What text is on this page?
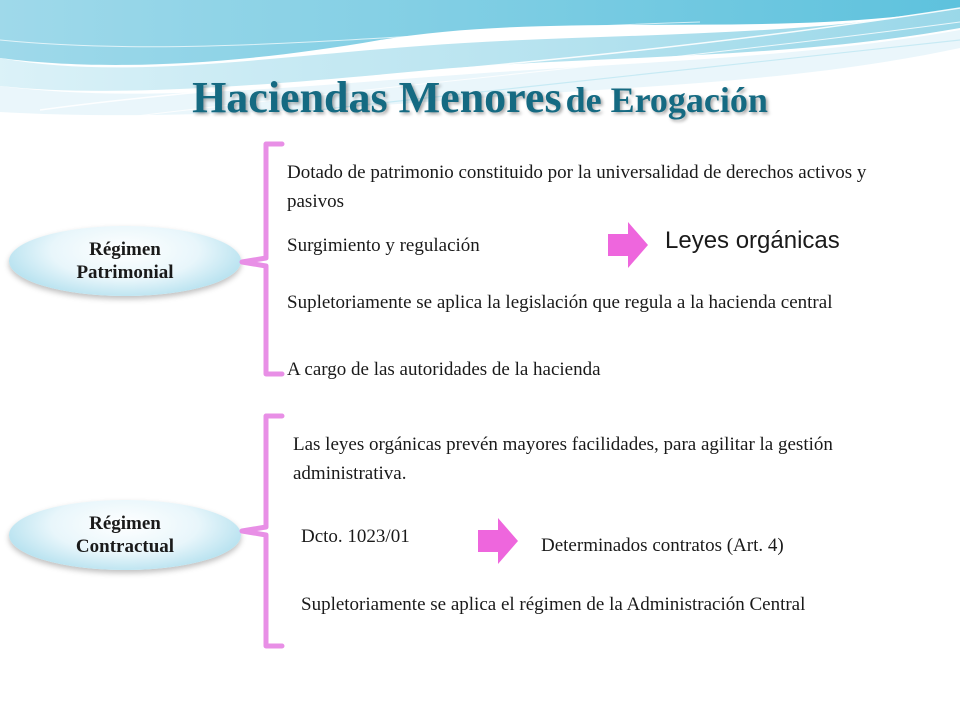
Haciendas Menores de Erogación
Régimen
Patrimonial
Dotado de patrimonio constituido por la universalidad de derechos activos y pasivos
Surgimiento y regulación	Leyes orgánicas
Supletoriamente se aplica la legislación que regula a la hacienda central
A cargo de las autoridades de la hacienda
Régimen
Contractual
Las leyes orgánicas prevén mayores facilidades, para agilitar la gestión administrativa.
Dcto. 1023/01	Determinados contratos (Art. 4)
Supletoriamente se aplica el régimen de la Administración Central
